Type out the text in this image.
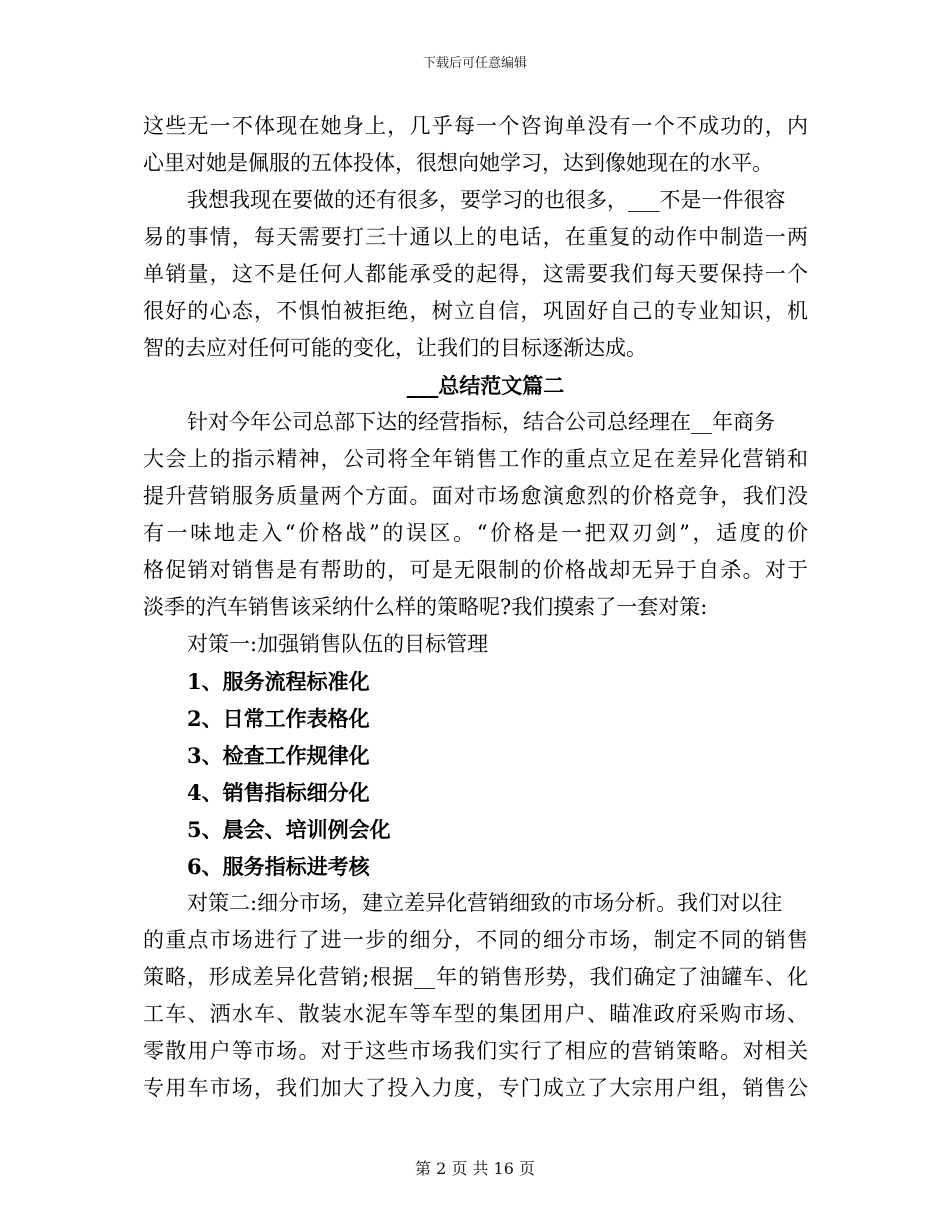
下载后可任意编辑
这些无一不体现在她身上，几乎每一个咨询单没有一个不成功的，内
心里对她是佩服的五体投体，很想向她学习，达到像她现在的水平。
我想我现在要做的还有很多，要学习的也很多，___不是一件很容
易的事情，每天需要打三十通以上的电话，在重复的动作中制造一两
单销量，这不是任何人都能承受的起得，这需要我们每天要保持一个
很好的心态，不惧怕被拒绝，树立自信，巩固好自己的专业知识，机
智的去应对任何可能的变化，让我们的目标逐渐达成。
___总结范文篇二
针对今年公司总部下达的经营指标，结合公司总经理在__年商务
大会上的指示精神，公司将全年销售工作的重点立足在差异化营销和
提升营销服务质量两个方面。面对市场愈演愈烈的价格竞争，我们没
有一味地走入“价格战”的误区。“价格是一把双刃剑”，适度的价
格促销对销售是有帮助的，可是无限制的价格战却无异于自杀。对于
淡季的汽车销售该采纳什么样的策略呢?我们摸索了一套对策:
对策一:加强销售队伍的目标管理
1、服务流程标准化
2、日常工作表格化
3、检查工作规律化
4、销售指标细分化
5、晨会、培训例会化
6、服务指标进考核
对策二:细分市场，建立差异化营销细致的市场分析。我们对以往
的重点市场进行了进一步的细分，不同的细分市场，制定不同的销售
策略，形成差异化营销;根据__年的销售形势，我们确定了油罐车、化
工车、洒水车、散装水泥车等车型的集团用户、瞄准政府采购市场、
零散用户等市场。对于这些市场我们实行了相应的营销策略。对相关
专用车市场，我们加大了投入力度，专门成立了大宗用户组，销售公
第 2 页 共 16 页
